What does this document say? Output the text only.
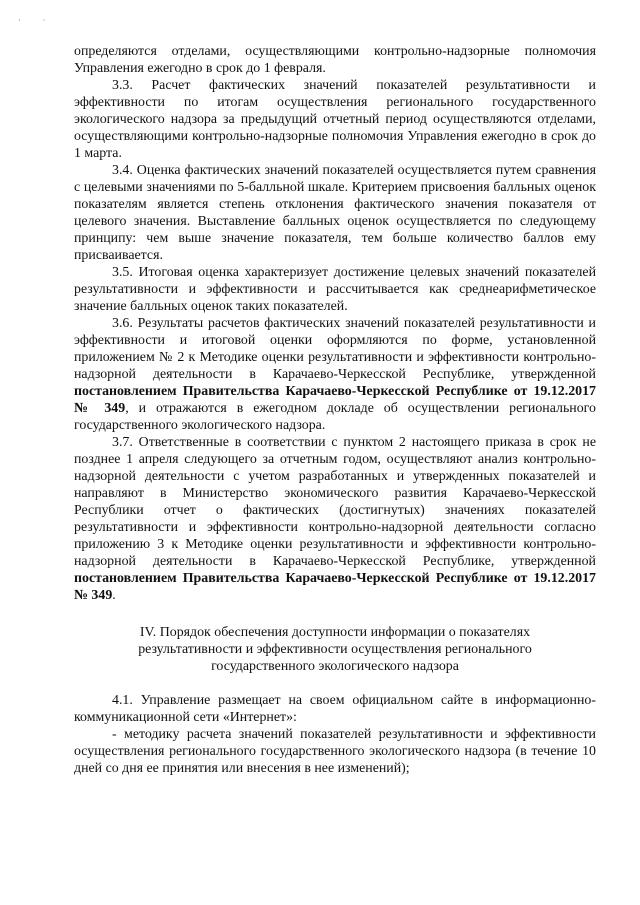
· ·

определяются отделами, осуществляющими контрольно-надзорные полномочия Управления ежегодно в срок до 1 февраля.

3.3. Расчет фактических значений показателей результативности и эффективности по итогам осуществления регионального государственного экологического надзора за предыдущий отчетный период осуществляются отделами, осуществляющими контрольно-надзорные полномочия Управления ежегодно в срок до 1 марта.

3.4. Оценка фактических значений показателей осуществляется путем сравнения с целевыми значениями по 5-балльной шкале. Критерием присвоения балльных оценок показателям является степень отклонения фактического значения показателя от целевого значения. Выставление балльных оценок осуществляется по следующему принципу: чем выше значение показателя, тем больше количество баллов ему присваивается.

3.5. Итоговая оценка характеризует достижение целевых значений показателей результативности и эффективности и рассчитывается как среднеарифметическое значение балльных оценок таких показателей.

3.6. Результаты расчетов фактических значений показателей результативности и эффективности и итоговой оценки оформляются по форме, установленной приложением № 2 к Методике оценки результативности и эффективности контрольно-надзорной деятельности в Карачаево-Черкесской Республике, утвержденной постановлением Правительства Карачаево-Черкесской Республике от 19.12.2017 № 349, и отражаются в ежегодном докладе об осуществлении регионального государственного экологического надзора.

3.7. Ответственные в соответствии с пунктом 2 настоящего приказа в срок не позднее 1 апреля следующего за отчетным годом, осуществляют анализ контрольно-надзорной деятельности с учетом разработанных и утвержденных показателей и направляют в Министерство экономического развития Карачаево-Черкесской Республики отчет о фактических (достигнутых) значениях показателей результативности и эффективности контрольно-надзорной деятельности согласно приложению 3 к Методике оценки результативности и эффективности контрольно-надзорной деятельности в Карачаево-Черкесской Республике, утвержденной постановлением Правительства Карачаево-Черкесской Республике от 19.12.2017 № 349.

IV. Порядок обеспечения доступности информации о показателях
результативности и эффективности осуществления регионального
государственного экологического надзора

4.1. Управление размещает на своем официальном сайте в информационно-коммуникационной сети «Интернет»:

- методику расчета значений показателей результативности и эффективности осуществления регионального государственного экологического надзора (в течение 10 дней со дня ее принятия или внесения в нее изменений);
